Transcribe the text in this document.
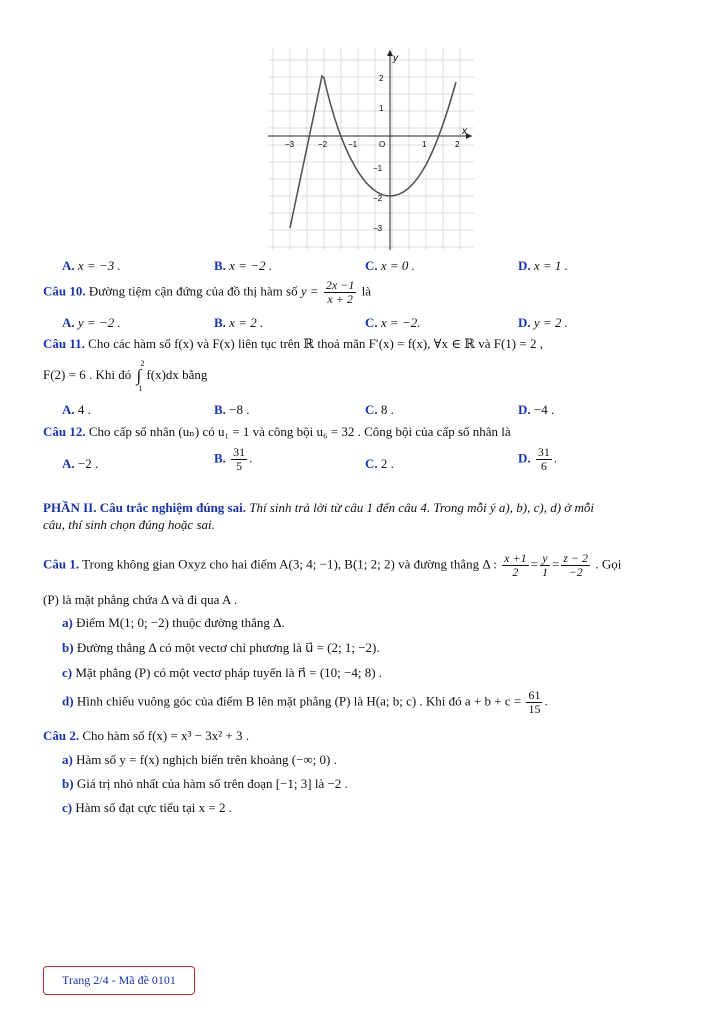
x
y
O
−3	−2	−1	1	2
2
1
−1
−2
−3
A. x = −3 .	B. x = −2 .	C. x = 0 .	D. x = 1 .
Câu 10. Đường tiệm cận đứng của đồ thị hàm số $y = \frac{2x -1}{x + 2}$ là
A. y = −2 .	B. x = 2 .	C. x = −2.	D. y = 2 .
Câu 11. Cho các hàm số f(x) và F(x) liên tục trên ℝ thoả mãn F′(x) = f(x), ∀x ∈ ℝ và F(1) = 2 ,
F(2) = 6 . Khi đó ∫
2
1
f(x)dx bằng
A. 4 .	B. −8 .	C. 8 .	D. −4 .
Câu 12. Cho cấp số nhân (uₙ) có u₁ = 1 và công bội u₆ = 32 . Công bội của cấp số nhân là
A. −2 .	B. $\frac{31}{5}$ .	C. 2 .	D. $\frac{31}{6}$ .
PHẦN II. Câu trắc nghiệm đúng sai. Thí sinh trả lời từ câu 1 đến câu 4. Trong mỗi ý a), b), c), d) ở mỗi
câu, thí sinh chọn đúng hoặc sai.
Câu 1. Trong không gian Oxyz cho hai điểm A(3; 4; −1), B(1; 2; 2) và đường thẳng Δ : $\frac{x +1}{2} = \frac{y}{1} = \frac{z - 2}{-2}$ . Gọi
(P) là mặt phẳng chứa Δ và đi qua A .
a) Điểm M(1; 0; −2) thuộc đường thẳng Δ.
b) Đường thẳng Δ có một vectơ chỉ phương là u⃗ = (2; 1; −2).
c) Mặt phẳng (P) có một vectơ pháp tuyến là n⃗ = (10; −4; 8) .
d) Hình chiếu vuông góc của điểm B lên mặt phẳng (P) là H(a; b; c) . Khi đó $a + b + c = \frac{61}{15}$ .
Câu 2. Cho hàm số f(x) = x³ − 3x² + 3 .
a) Hàm số y = f(x) nghịch biến trên khoảng (−∞; 0) .
b) Giá trị nhỏ nhất của hàm số trên đoạn [−1; 3] là −2 .
c) Hàm số đạt cực tiểu tại x = 2 .
Trang 2/4 - Mã đề 0101
